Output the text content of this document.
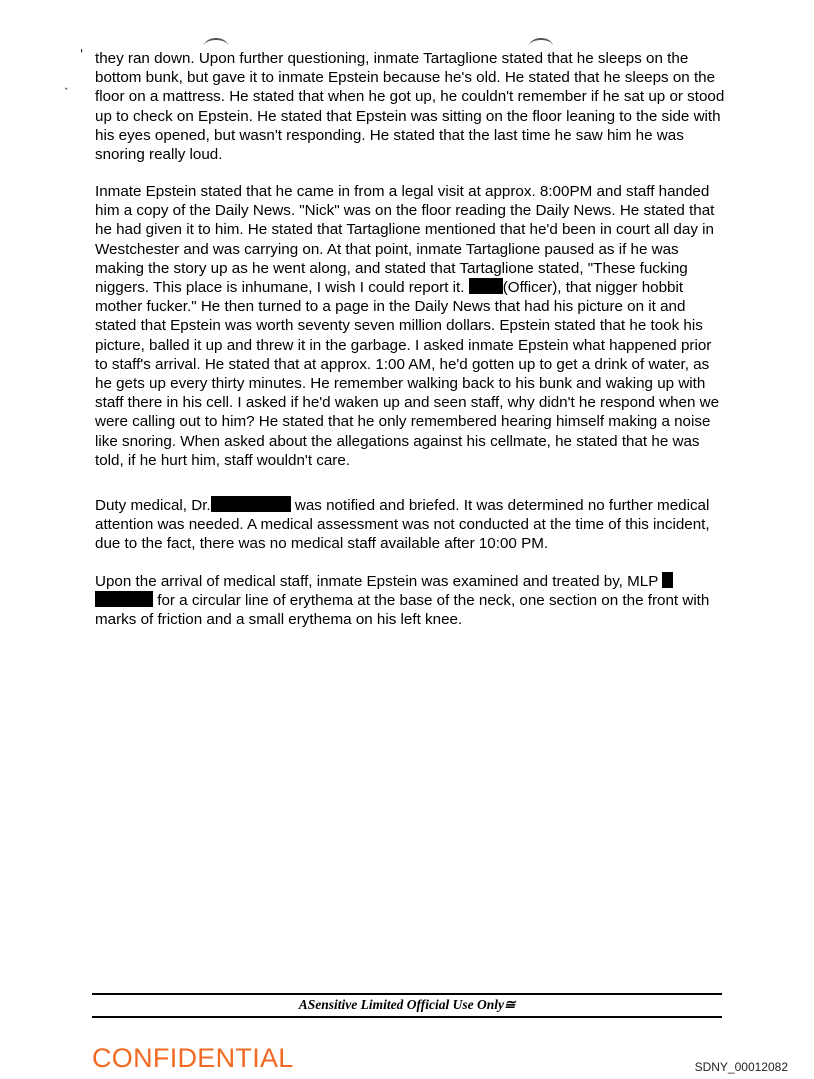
'
ˇ

they ran down. Upon further questioning, inmate Tartaglione stated that he sleeps on the bottom bunk, but gave it to inmate Epstein because he's old. He stated that he sleeps on the floor on a mattress. He stated that when he got up, he couldn't remember if he sat up or stood up to check on Epstein. He stated that Epstein was sitting on the floor leaning to the side with his eyes opened, but wasn't responding. He stated that the last time he saw him he was snoring really loud.

Inmate Epstein stated that he came in from a legal visit at approx. 8:00PM and staff handed him a copy of the Daily News. "Nick" was on the floor reading the Daily News. He stated that he had given it to him. He stated that Tartaglione mentioned that he'd been in court all day in Westchester and was carrying on. At that point, inmate Tartaglione paused as if he was making the story up as he went along, and stated that Tartaglione stated, "These fucking niggers. This place is inhumane, I wish I could report it.	(Officer), that nigger hobbit mother fucker." He then turned to a page in the Daily News that had his picture on it and stated that Epstein was worth seventy seven million dollars. Epstein stated that he took his picture, balled it up and threw it in the garbage. I asked inmate Epstein what happened prior to staff's arrival. He stated that at approx. 1:00 AM, he'd gotten up to get a drink of water, as he gets up every thirty minutes. He remember walking back to his bunk and waking up with staff there in his cell. I asked if he'd waken up and seen staff, why didn't he respond when we were calling out to him? He stated that he only remembered hearing himself making a noise like snoring. When asked about the allegations against his cellmate, he stated that he was told, if he hurt him, staff wouldn't care.

Duty medical, Dr.	was notified and briefed. It was determined no further medical attention was needed. A medical assessment was not conducted at the time of this incident, due to the fact, there was no medical staff available after 10:00 PM.

Upon the arrival of medical staff, inmate Epstein was examined and treated by, MLP   for a circular line of erythema at the base of the neck, one section on the front with marks of friction and a small erythema on his left knee.

ASensitive Limited Official Use Only≅
CONFIDENTIAL	SDNY_00012082
